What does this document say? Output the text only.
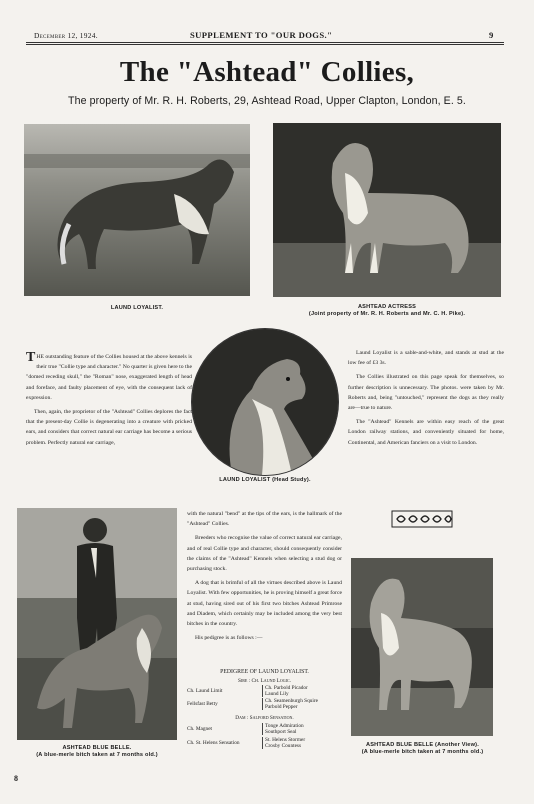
December 12, 1924.	SUPPLEMENT TO "OUR DOGS."	9
The "Ashtead" Collies,
The property of Mr. R. H. Roberts, 29, Ashtead Road, Upper Clapton, London, E. 5.
LAUND LOYALIST.	ASHTEAD ACTRESS
(Joint property of Mr. R. H. Roberts and Mr. C. H. Pike).

THE outstanding feature of the Collies housed at the above kennels is their true "Collie type and character." No quarter is given here to the "domed receding skull," the "Roman" nose, exaggerated length of head and foreface, and faulty placement of eye, with the consequent lack of expression.

Then, again, the proprietor of the "Ashtead" Collies deplores the fact that the present-day Collie is degenerating into a creature with pricked ears, and considers that correct natural ear carriage has become a serious problem. Perfectly natural ear carriage,

LAUND LOYALIST (Head Study).

Laund Loyalist is a sable-and-white, and stands at stud at the low fee of £3 3s.

The Collies illustrated on this page speak for themselves, so further description is unnecessary. The photos. were taken by Mr. Roberts and, being "untouched," represent the dogs as they really are—true to nature.

The "Ashtead" Kennels are within easy reach of the great London railway stations, and conveniently situated for home, Continental, and American fanciers on a visit to London.

ASHTEAD BLUE BELLE.
(A blue-merle bitch taken at 7 months old.)

with the natural "bend" at the tips of the ears, is the hallmark of the "Ashtead" Collies.

Breeders who recognise the value of correct natural ear carriage, and of real Collie type and character, should consequently consider the claims of the "Ashtead" Kennels when selecting a stud dog or purchasing stock.

A dog that is brimful of all the virtues described above is Laund Loyalist. With few opportunities, he is proving himself a great force at stud, having sired out of his first two bitches Ashtead Primrose and Diadem, which certainly may be included among the very best bitches in the country.

His pedigree is as follows :—

PEDIGREE OF LAUND LOYALIST.
Sire : Ch. Laund Logic.
Ch. Laund Limit	Ch. Parbold Picador
Laund Lily
Fellsfast Betty	Ch. Seamenburgh Squire
Parbold Pepper
Dam : Salford Sensation.
Ch. Magnet	Tonge Admiration
Southport Seal
Ch. St. Helens Sensation	St. Helens Stormer
Crosby Countess	ASHTEAD BLUE BELLE (Another View).
(A blue-merle bitch taken at 7 months old.)
8
